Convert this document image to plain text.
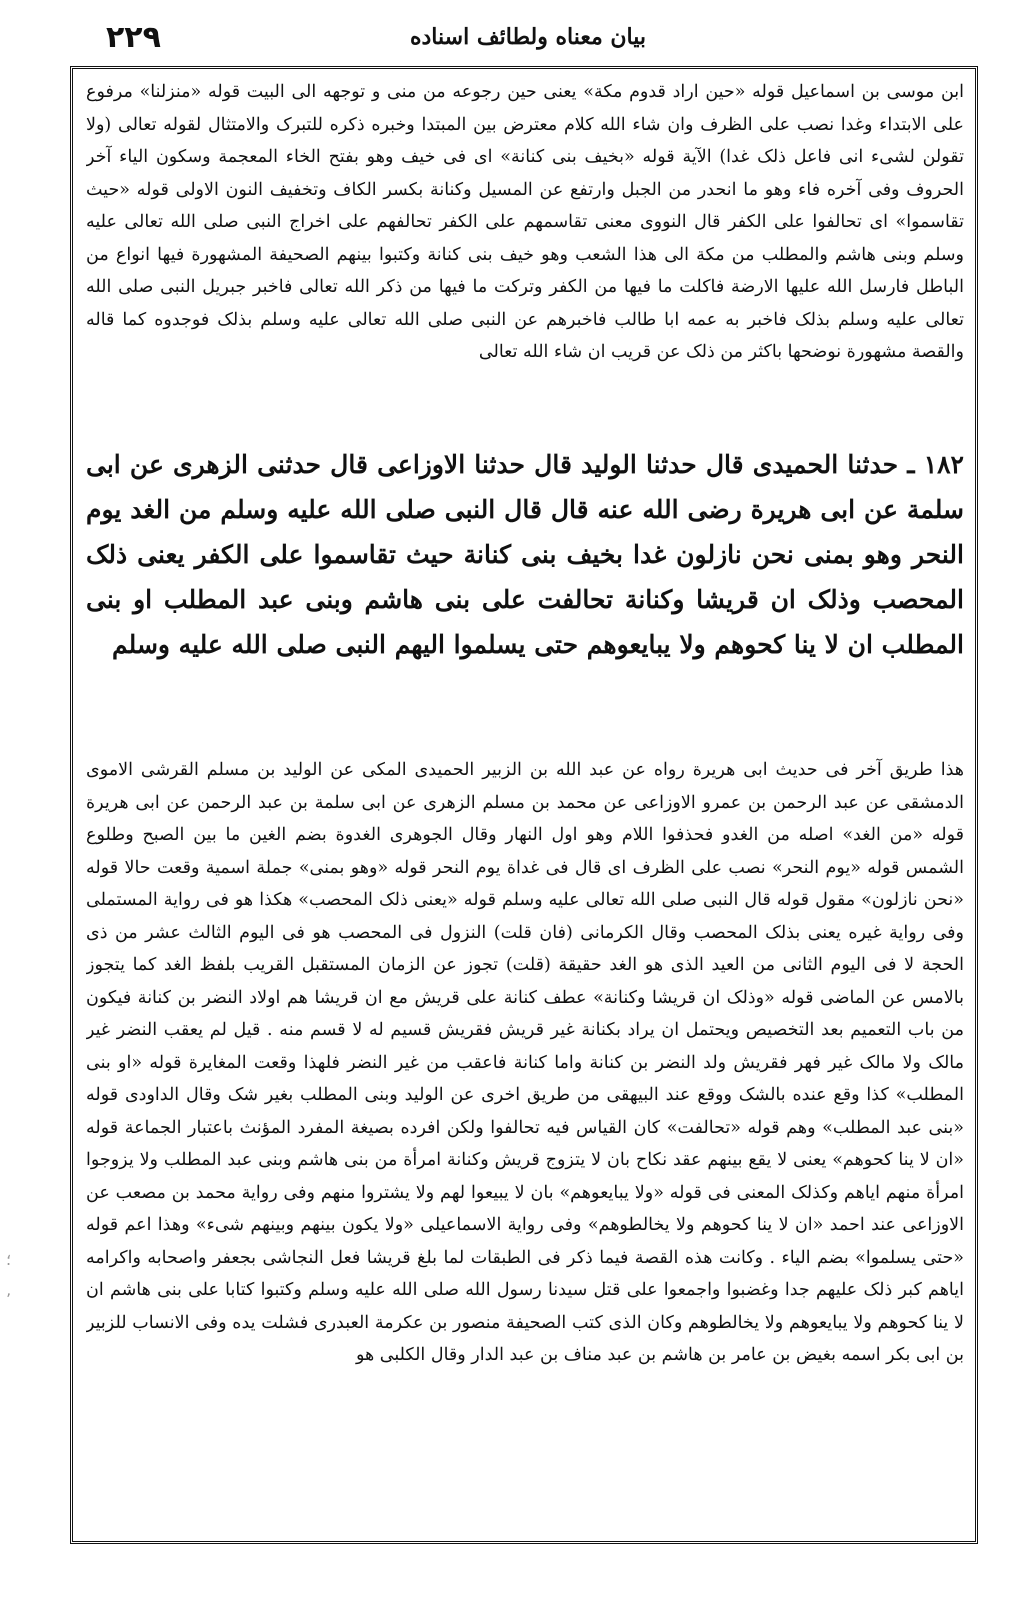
۲۲۹	بیان معناه ولطائف اسناده

ابن موسی بن اسماعیل قوله «حین اراد قدوم مکة» یعنی حین رجوعه من منی و توجهه الی البیت قوله «منزلنا» مرفوع علی الابتداء وغدا نصب علی الظرف وان شاء الله کلام معترض بین المبتدا وخبره ذکره للتبرک والامتثال لقوله تعالی (ولا تقولن لشیء انی فاعل ذلک غدا) الآیة قوله «بخیف بنی کنانة» ای فی خیف وهو بفتح الخاء المعجمة وسکون الیاء آخر الحروف وفی آخره فاء وهو ما انحدر من الجبل وارتفع عن المسیل وکنانة بکسر الکاف وتخفیف النون الاولی قوله «حیث تقاسموا» ای تحالفوا علی الکفر قال النووی معنی تقاسمهم علی الکفر تحالفهم علی اخراج النبی صلی الله تعالی علیه وسلم وبنی هاشم والمطلب من مکة الی هذا الشعب وهو خیف بنی کنانة وکتبوا بینهم الصحیفة المشهورة فیها انواع من الباطل فارسل الله علیها الارضة فاکلت ما فیها من الکفر وترکت ما فیها من ذکر الله تعالی فاخبر جبریل النبی صلی الله تعالی علیه وسلم بذلک فاخبر به عمه ابا طالب فاخبرهم عن النبی صلی الله تعالی علیه وسلم بذلک فوجدوه کما قاله والقصة مشهورة نوضحها باکثر من ذلک عن قریب ان شاء الله تعالی

۱۸۲ ـ حدثنا الحمیدی قال حدثنا الولید قال حدثنا الاوزاعی قال حدثنی الزهری عن ابی سلمة عن ابی هریرة رضی الله عنه قال قال النبی صلی الله علیه وسلم من الغد یوم النحر وهو بمنی نحن نازلون غدا بخیف بنی کنانة حیث تقاسموا علی الکفر یعنی ذلک المحصب وذلک ان قریشا وکنانة تحالفت علی بنی هاشم وبنی عبد المطلب او بنی المطلب ان لا ینا کحوهم ولا یبایعوهم حتی یسلموا الیهم النبی صلی الله علیه وسلم

هذا طریق آخر فی حدیث ابی هریرة رواه عن عبد الله بن الزبیر الحمیدی المکی عن الولید بن مسلم القرشی الاموی الدمشقی عن عبد الرحمن بن عمرو الاوزاعی عن محمد بن مسلم الزهری عن ابی سلمة بن عبد الرحمن عن ابی هریرة قوله «من الغد» اصله من الغدو فحذفوا اللام وهو اول النهار وقال الجوهری الغدوة بضم الغین ما بین الصبح وطلوع الشمس قوله «یوم النحر» نصب علی الظرف ای قال فی غداة یوم النحر قوله «وهو بمنی» جملة اسمیة وقعت حالا قوله «نحن نازلون» مقول قوله قال النبی صلی الله تعالی علیه وسلم قوله «یعنی ذلک المحصب» هکذا هو فی روایة المستملی وفی روایة غیره یعنی بذلک المحصب وقال الکرمانی (فان قلت) النزول فی المحصب هو فی الیوم الثالث عشر من ذی الحجة لا فی الیوم الثانی من العید الذی هو الغد حقیقة (قلت) تجوز عن الزمان المستقبل القریب بلفظ الغد کما یتجوز بالامس عن الماضی قوله «وذلک ان قریشا وکنانة» عطف کنانة علی قریش مع ان قریشا هم اولاد النضر بن کنانة فیکون من باب التعمیم بعد التخصیص ویحتمل ان یراد بکنانة غیر قریش فقریش قسیم له لا قسم منه . قیل لم یعقب النضر غیر مالک ولا مالک غیر فهر فقریش ولد النضر بن کنانة واما کنانة فاعقب من غیر النضر فلهذا وقعت المغایرة قوله «او بنی المطلب» کذا وقع عنده بالشک ووقع عند البیهقی من طریق اخری عن الولید وبنی المطلب بغیر شک وقال الداودی قوله «بنی عبد المطلب» وهم قوله «تحالفت» کان القیاس فیه تحالفوا ولکن افرده بصیغة المفرد المؤنث باعتبار الجماعة قوله «ان لا ینا کحوهم» یعنی لا یقع بینهم عقد نکاح بان لا یتزوج قریش وکنانة امرأة من بنی هاشم وبنی عبد المطلب ولا یزوجوا امرأة منهم ایاهم وکذلک المعنی فی قوله «ولا یبایعوهم» بان لا یبیعوا لهم ولا یشتروا منهم وفی روایة محمد بن مصعب عن الاوزاعی عند احمد «ان لا ینا کحوهم ولا یخالطوهم» وفی روایة الاسماعیلی «ولا یکون بینهم وبینهم شیء» وهذا اعم قوله «حتی یسلموا» بضم الیاء . وکانت هذه القصة فیما ذکر فی الطبقات لما بلغ قریشا فعل النجاشی بجعفر واصحابه واکرامه ایاهم کبر ذلک علیهم جدا وغضبوا واجمعوا علی قتل سیدنا رسول الله صلی الله علیه وسلم وکتبوا کتابا علی بنی هاشم ان لا ینا کحوهم ولا یبایعوهم ولا یخالطوهم وکان الذی کتب الصحیفة منصور بن عکرمة العبدری فشلت یده وفی الانساب للزبیر بن ابی بکر اسمه بغیض بن عامر بن هاشم بن عبد مناف بن عبد الدار وقال الکلبی هو

؛
٬
